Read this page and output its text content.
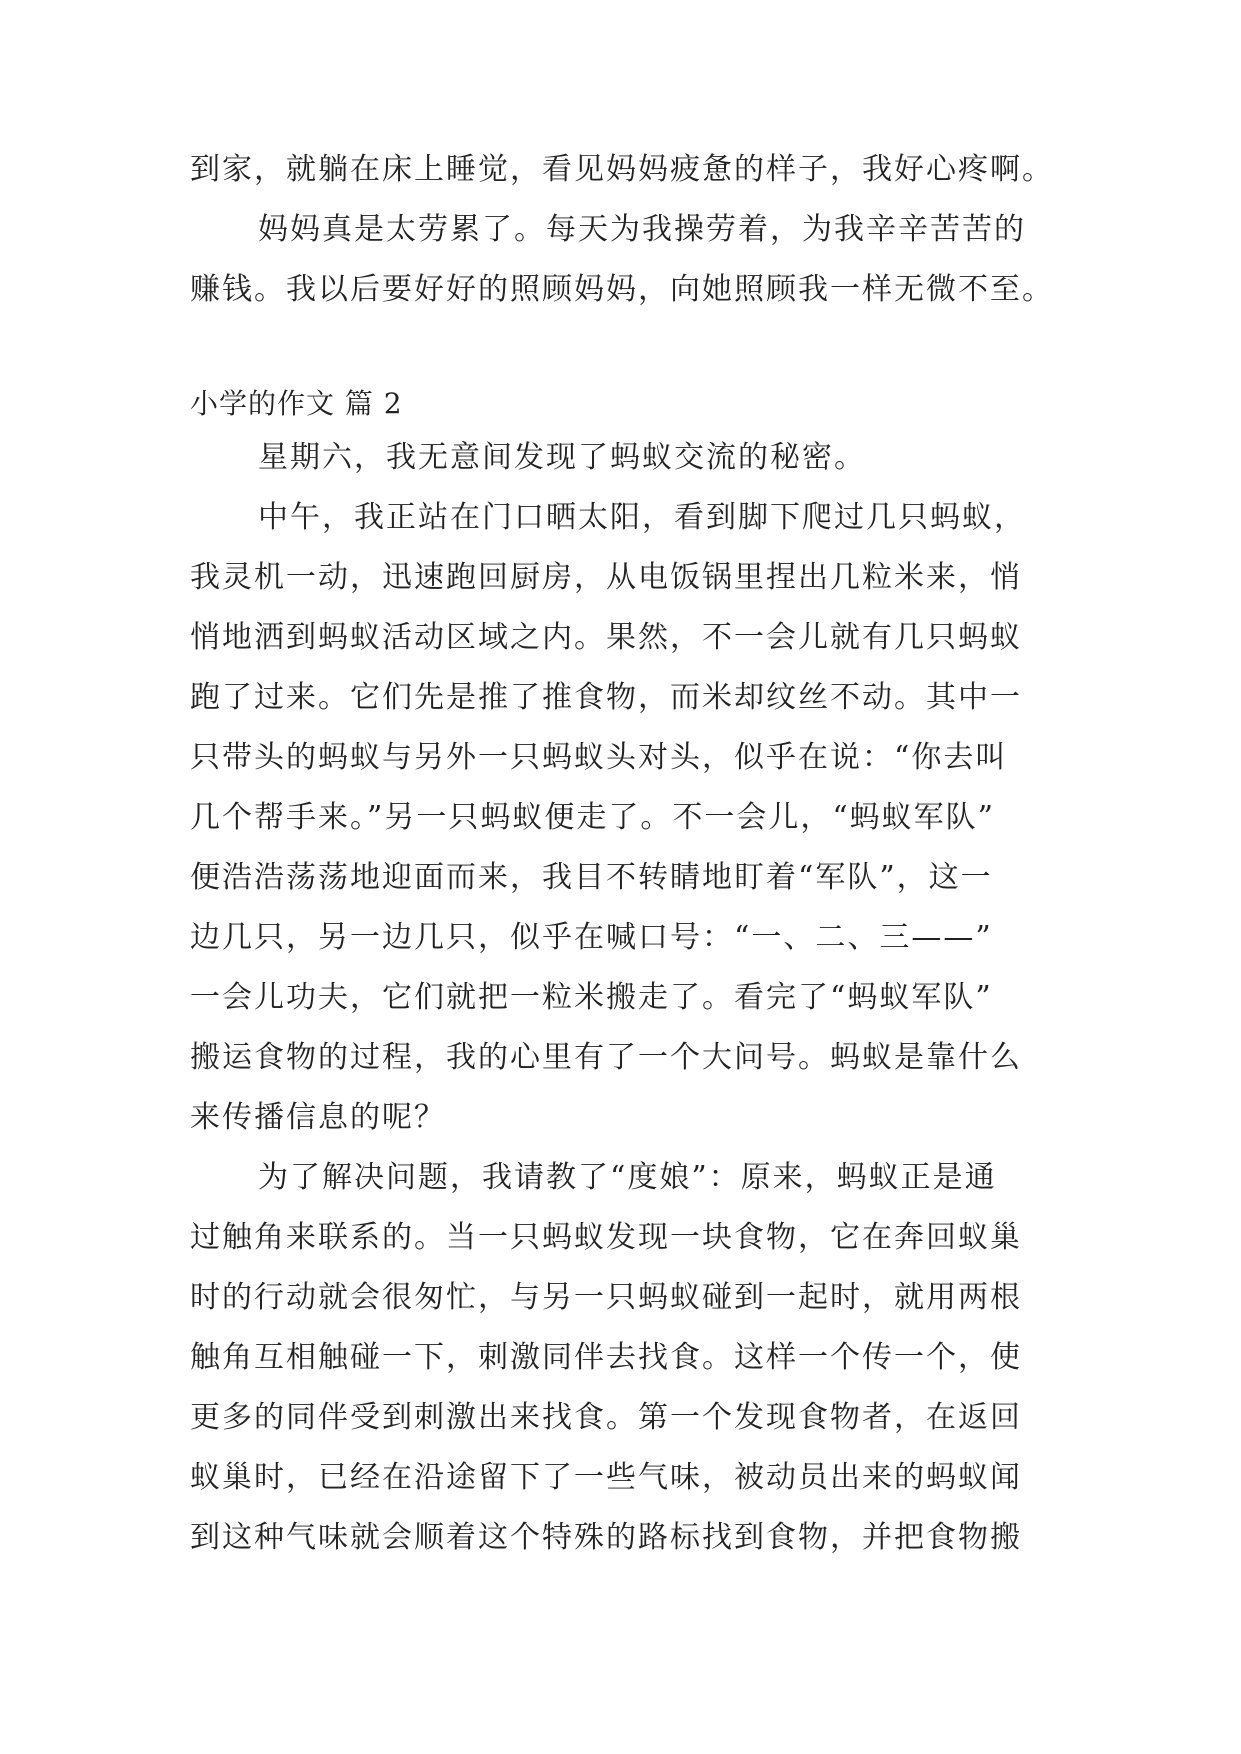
到家，就躺在床上睡觉，看见妈妈疲惫的样子，我好心疼啊。
妈妈真是太劳累了。每天为我操劳着，为我辛辛苦苦的
赚钱。我以后要好好的照顾妈妈，向她照顾我一样无微不至。
小学的作文 篇 2
星期六，我无意间发现了蚂蚁交流的秘密。
中午，我正站在门口晒太阳，看到脚下爬过几只蚂蚁，
我灵机一动，迅速跑回厨房，从电饭锅里捏出几粒米来，悄
悄地洒到蚂蚁活动区域之内。果然，不一会儿就有几只蚂蚁
跑了过来。它们先是推了推食物，而米却纹丝不动。其中一
只带头的蚂蚁与另外一只蚂蚁头对头，似乎在说：“你去叫
几个帮手来。”另一只蚂蚁便走了。不一会儿，“蚂蚁军队”
便浩浩荡荡地迎面而来，我目不转睛地盯着“军队”，这一
边几只，另一边几只，似乎在喊口号：“一、二、三——”
一会儿功夫，它们就把一粒米搬走了。看完了“蚂蚁军队”
搬运食物的过程，我的心里有了一个大问号。蚂蚁是靠什么
来传播信息的呢？
为了解决问题，我请教了“度娘”：原来，蚂蚁正是通
过触角来联系的。当一只蚂蚁发现一块食物，它在奔回蚁巢
时的行动就会很匆忙，与另一只蚂蚁碰到一起时，就用两根
触角互相触碰一下，刺激同伴去找食。这样一个传一个，使
更多的同伴受到刺激出来找食。第一个发现食物者，在返回
蚁巢时，已经在沿途留下了一些气味，被动员出来的蚂蚁闻
到这种气味就会顺着这个特殊的路标找到食物，并把食物搬
